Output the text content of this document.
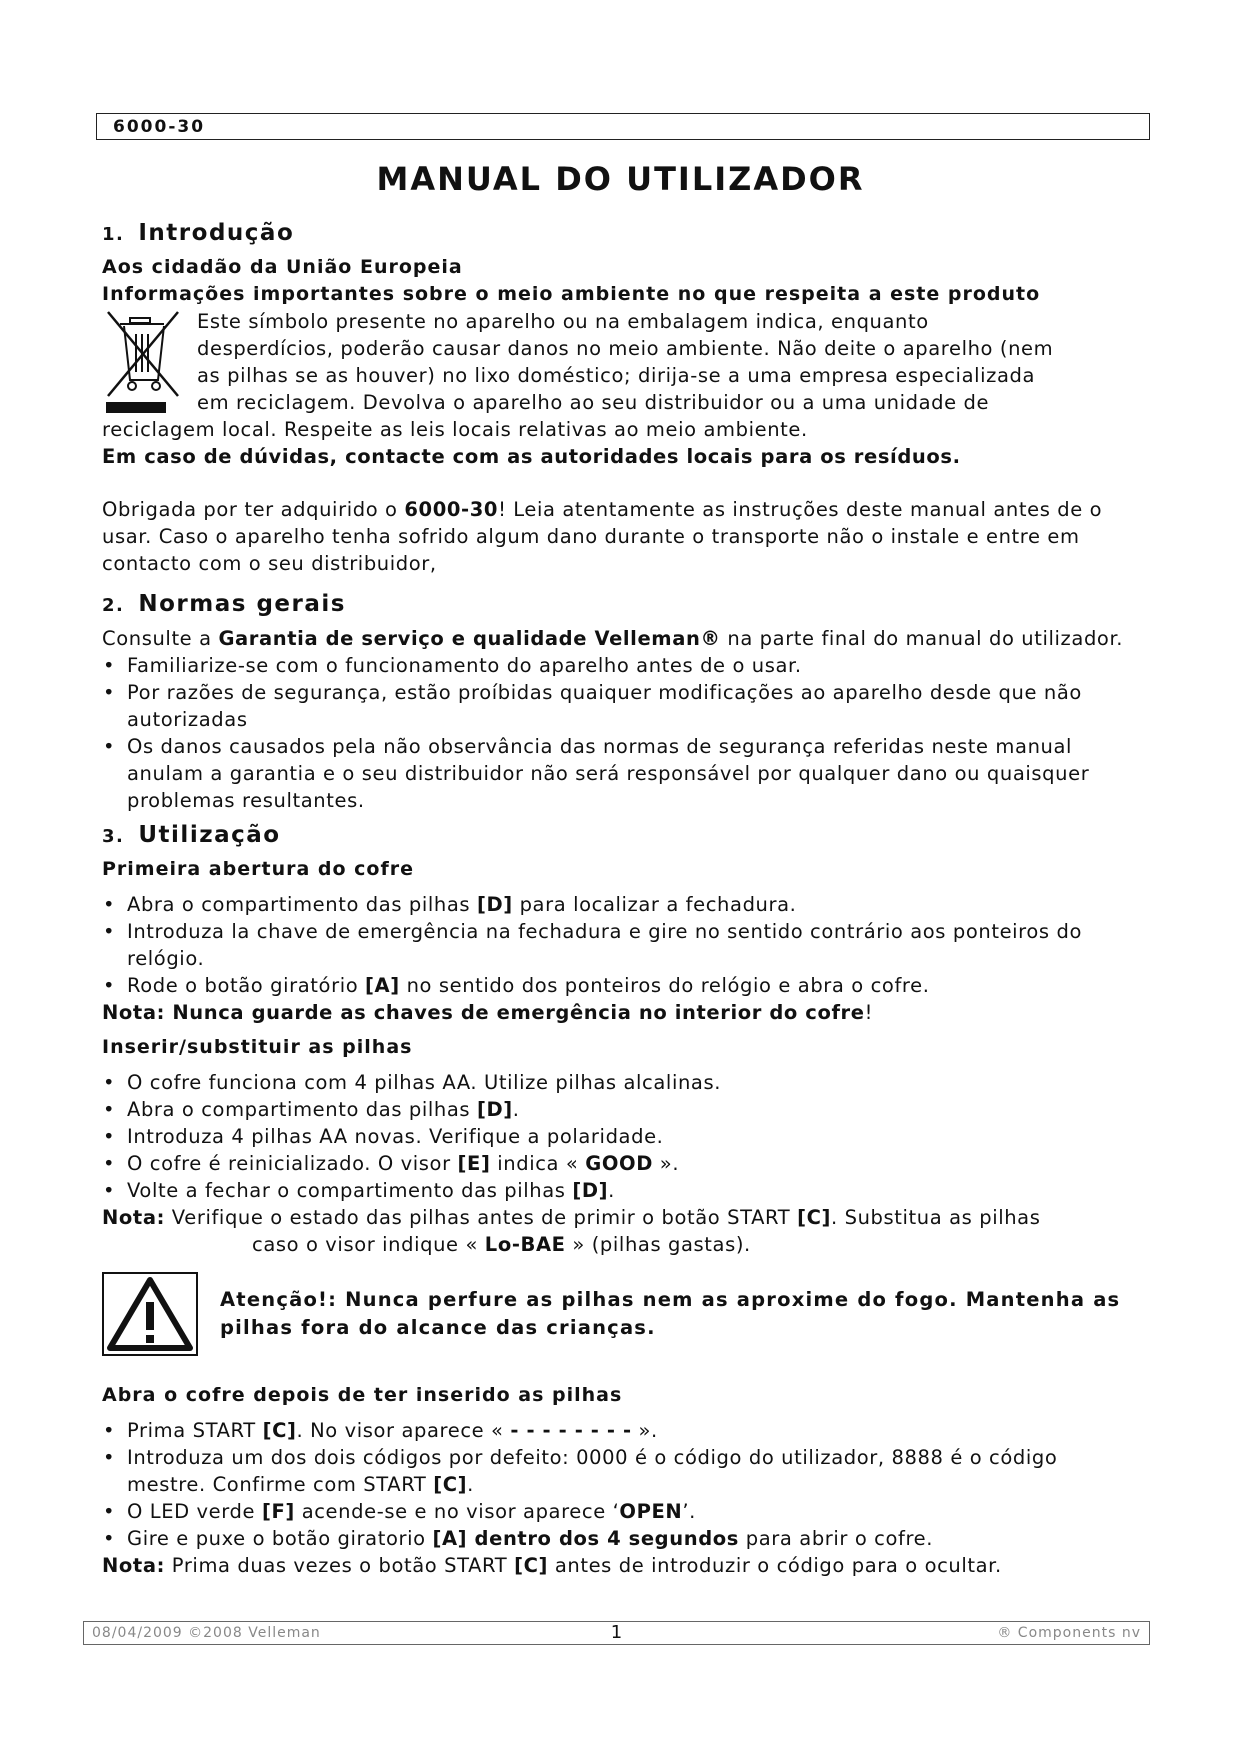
6000-30
MANUAL DO UTILIZADOR
1. Introdução
Aos cidadão da União Europeia
Informações importantes sobre o meio ambiente no que respeita a este produto

Este símbolo presente no aparelho ou na embalagem indica, enquanto

desperdícios, poderão causar danos no meio ambiente. Não deite o aparelho (nem

as pilhas se as houver) no lixo doméstico; dirija-se a uma empresa especializada

em reciclagem. Devolva o aparelho ao seu distribuidor ou a uma unidade de

reciclagem local. Respeite as leis locais relativas ao meio ambiente.

Em caso de dúvidas, contacte com as autoridades locais para os resíduos.

Obrigada por ter adquirido o 6000-30! Leia atentamente as instruções deste manual antes de o usar. Caso o aparelho tenha sofrido algum dano durante o transporte não o instale e entre em contacto com o seu distribuidor,

2. Normas gerais

Consulte a Garantia de serviço e qualidade Velleman® na parte final do manual do utilizador.

• Familiarize-se com o funcionamento do aparelho antes de o usar.
• Por razões de segurança, estão proíbidas quaiquer modificações ao aparelho desde que não autorizadas
• Os danos causados pela não observância das normas de segurança referidas neste manual anulam a garantia e o seu distribuidor não será responsável por qualquer dano ou quaisquer problemas resultantes.
3. Utilização
Primeira abertura do cofre
• Abra o compartimento das pilhas [D] para localizar a fechadura.
• Introduza la chave de emergência na fechadura e gire no sentido contrário aos ponteiros do relógio.
• Rode o botão giratório [A] no sentido dos ponteiros do relógio e abra o cofre.

Nota: Nunca guarde as chaves de emergência no interior do cofre!

Inserir/substituir as pilhas
• O cofre funciona com 4 pilhas AA. Utilize pilhas alcalinas.
• Abra o compartimento das pilhas [D].
• Introduza 4 pilhas AA novas. Verifique a polaridade.
• O cofre é reinicializado. O visor [E] indica « GOOD ».
• Volte a fechar o compartimento das pilhas [D].

Nota: Verifique o estado das pilhas antes de primir o botão START [C]. Substitua as pilhas

caso o visor indique « Lo-BAE » (pilhas gastas).

Atenção!: Nunca perfure as pilhas nem as aproxime do fogo. Mantenha as pilhas fora do alcance das crianças.
Abra o cofre depois de ter inserido as pilhas
• Prima START [C]. No visor aparece « - - - - - - - - ».
• Introduza um dos dois códigos por defeito: 0000 é o código do utilizador, 8888 é o código mestre. Confirme com START [C].
• O LED verde [F] acende-se e no visor aparece ‘OPEN’.
• Gire e puxe o botão giratorio [A] dentro dos 4 segundos para abrir o cofre.

Nota: Prima duas vezes o botão START [C] antes de introduzir o código para o ocultar.

08/04/2009 ©2008 Velleman	1	® Components nv
